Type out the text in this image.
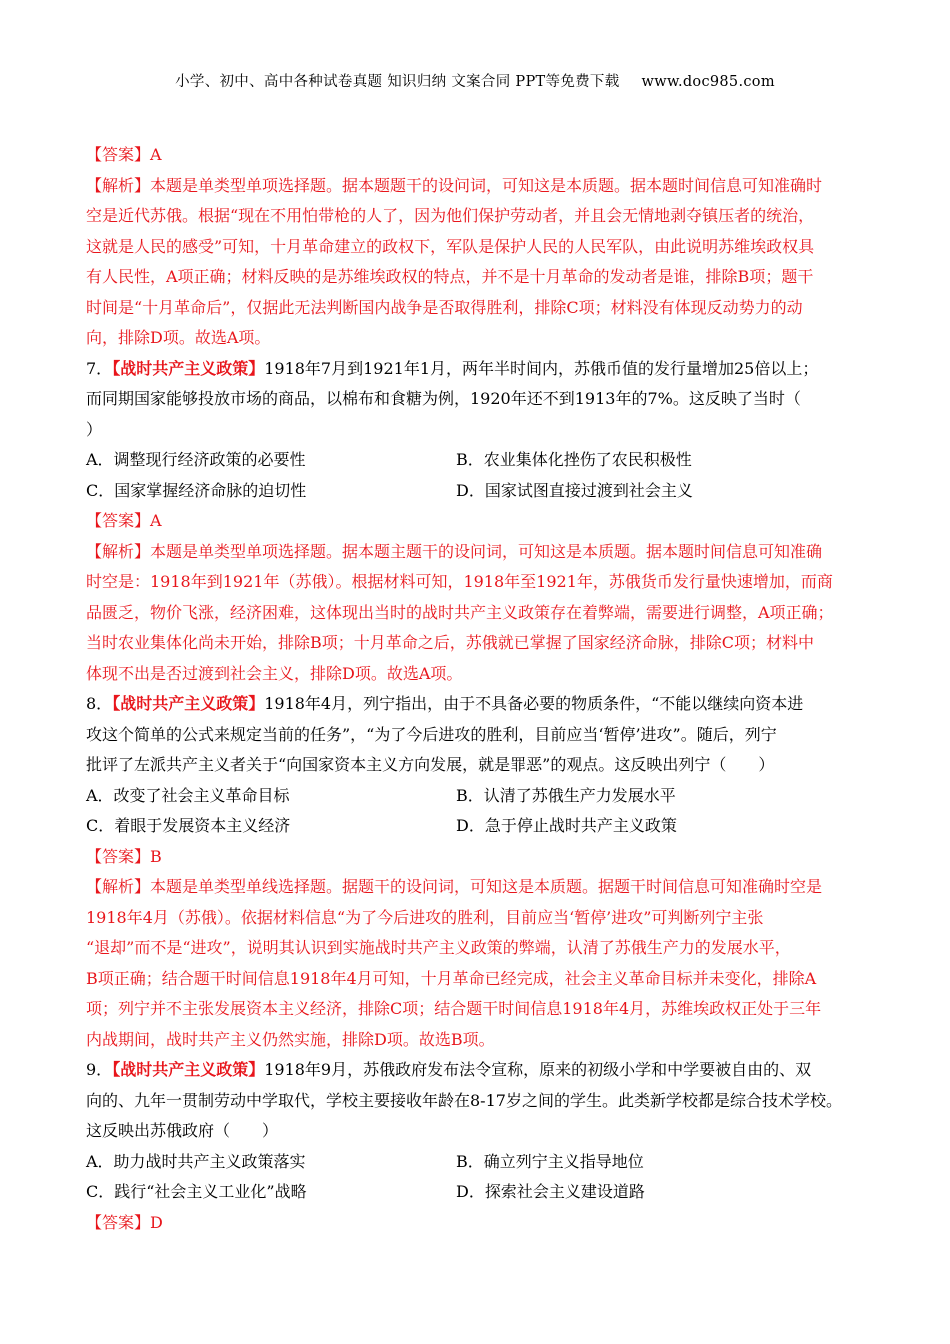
小学、初中、高中各种试卷真题 知识归纳 文案合同 PPT等免费下载 www.doc985.com
【答案】A
【解析】本题是单类型单项选择题。据本题题干的设问词，可知这是本质题。据本题时间信息可知准确时
空是近代苏俄。根据“现在不用怕带枪的人了，因为他们保护劳动者，并且会无情地剥夺镇压者的统治，
这就是人民的感受”可知，十月革命建立的政权下，军队是保护人民的人民军队，由此说明苏维埃政权具
有人民性，A项正确；材料反映的是苏维埃政权的特点，并不是十月革命的发动者是谁，排除B项；题干
时间是“十月革命后”，仅据此无法判断国内战争是否取得胜利，排除C项；材料没有体现反动势力的动
向，排除D项。故选A项。
7．【战时共产主义政策】1918年7月到1921年1月，两年半时间内，苏俄币值的发行量增加25倍以上；
而同期国家能够投放市场的商品，以棉布和食糖为例，1920年还不到1913年的7%。这反映了当时（
）
A．调整现行经济政策的必要性	B．农业集体化挫伤了农民积极性
C．国家掌握经济命脉的迫切性	D．国家试图直接过渡到社会主义
【答案】A
【解析】本题是单类型单项选择题。据本题主题干的设问词，可知这是本质题。据本题时间信息可知准确
时空是：1918年到1921年（苏俄）。根据材料可知，1918年至1921年，苏俄货币发行量快速增加，而商
品匮乏，物价飞涨，经济困难，这体现出当时的战时共产主义政策存在着弊端，需要进行调整，A项正确；
当时农业集体化尚未开始，排除B项；十月革命之后，苏俄就已掌握了国家经济命脉，排除C项；材料中
体现不出是否过渡到社会主义，排除D项。故选A项。
8．【战时共产主义政策】1918年4月，列宁指出，由于不具备必要的物质条件，“不能以继续向资本进
攻这个简单的公式来规定当前的任务”，“为了今后进攻的胜利，目前应当‘暂停’进攻”。随后，列宁
批评了左派共产主义者关于“向国家资本主义方向发展，就是罪恶”的观点。这反映出列宁（　　）
A．改变了社会主义革命目标	B．认清了苏俄生产力发展水平
C．着眼于发展资本主义经济	D．急于停止战时共产主义政策
【答案】B
【解析】本题是单类型单线选择题。据题干的设问词，可知这是本质题。据题干时间信息可知准确时空是
1918年4月（苏俄）。依据材料信息“为了今后进攻的胜利，目前应当‘暂停’进攻”可判断列宁主张
“退却”而不是“进攻”，说明其认识到实施战时共产主义政策的弊端，认清了苏俄生产力的发展水平，
B项正确；结合题干时间信息1918年4月可知，十月革命已经完成，社会主义革命目标并未变化，排除A
项；列宁并不主张发展资本主义经济，排除C项；结合题干时间信息1918年4月，苏维埃政权正处于三年
内战期间，战时共产主义仍然实施，排除D项。故选B项。
9．【战时共产主义政策】1918年9月，苏俄政府发布法令宣称，原来的初级小学和中学要被自由的、双
向的、九年一贯制劳动中学取代，学校主要接收年龄在8-17岁之间的学生。此类新学校都是综合技术学校。
这反映出苏俄政府（　　）
A．助力战时共产主义政策落实	B．确立列宁主义指导地位
C．践行“社会主义工业化”战略	D．探索社会主义建设道路
【答案】D
